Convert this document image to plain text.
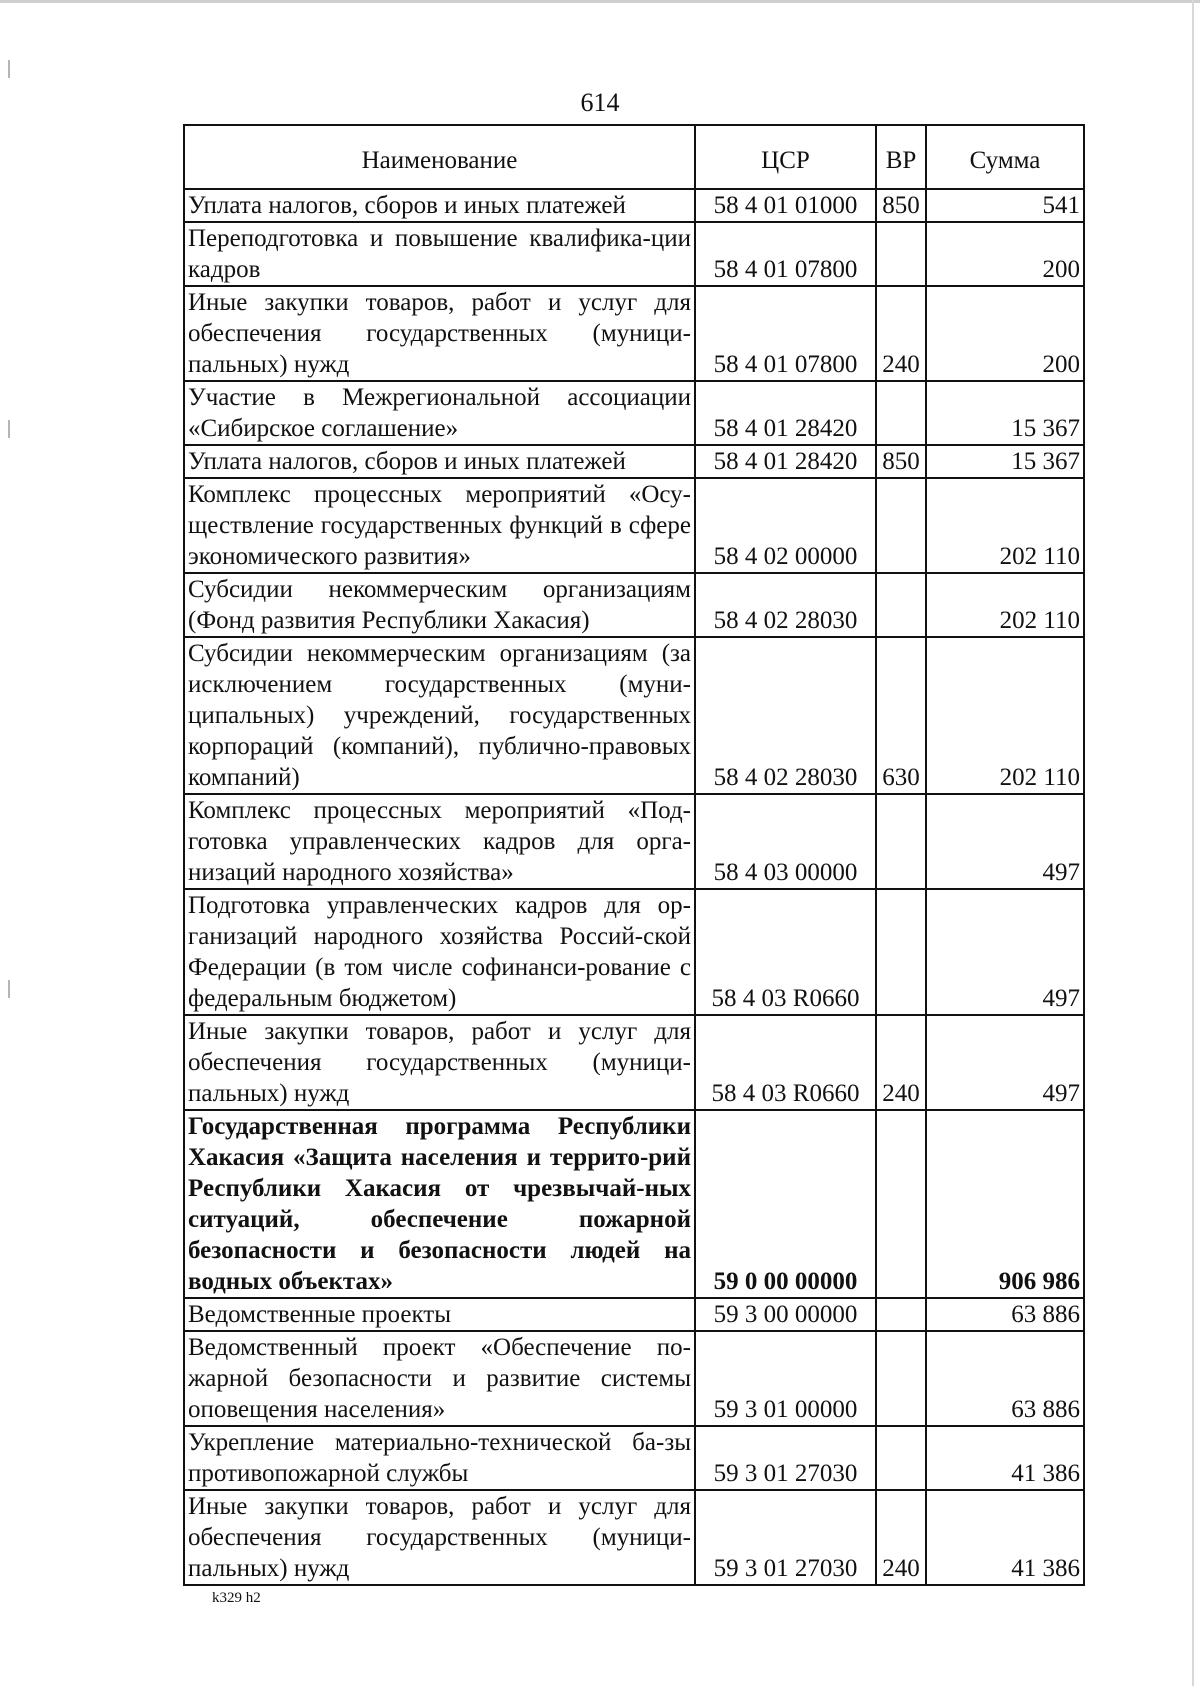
614
Наименование	ЦСР	ВР	Сумма
Уплата налогов, сборов и иных платежей	58 4 01 01000	850	541
Переподготовка и повышение квалифика-ции кадров	58 4 01 07800		200
Иные закупки товаров, работ и услуг для обеспечения государственных (муници-пальных) нужд	58 4 01 07800	240	200
Участие в Межрегиональной ассоциации «Сибирское соглашение»	58 4 01 28420		15 367
Уплата налогов, сборов и иных платежей	58 4 01 28420	850	15 367
Комплекс процессных мероприятий «Осу-ществление государственных функций в сфере экономического развития»	58 4 02 00000		202 110
Субсидии некоммерческим организациям (Фонд развития Республики Хакасия)	58 4 02 28030		202 110
Субсидии некоммерческим организациям (за исключением государственных (муни-ципальных) учреждений, государственных корпораций (компаний), публично-правовых компаний)	58 4 02 28030	630	202 110
Комплекс процессных мероприятий «Под-готовка управленческих кадров для орга-низаций народного хозяйства»	58 4 03 00000		497
Подготовка управленческих кадров для ор-ганизаций народного хозяйства Россий-ской Федерации (в том числе софинанси-рование с федеральным бюджетом)	58 4 03 R0660		497
Иные закупки товаров, работ и услуг для обеспечения государственных (муници-пальных) нужд	58 4 03 R0660	240	497
Государственная программа Республики Хакасия «Защита населения и террито-рий Республики Хакасия от чрезвычай-ных ситуаций, обеспечение пожарной безопасности и безопасности людей на водных объектах»	59 0 00 00000		906 986
Ведомственные проекты	59 3 00 00000		63 886
Ведомственный проект «Обеспечение по-жарной безопасности и развитие системы оповещения населения»	59 3 01 00000		63 886
Укрепление материально-технической ба-зы противопожарной службы	59 3 01 27030		41 386
Иные закупки товаров, работ и услуг для обеспечения государственных (муници-пальных) нужд	59 3 01 27030	240	41 386
k329 h2
